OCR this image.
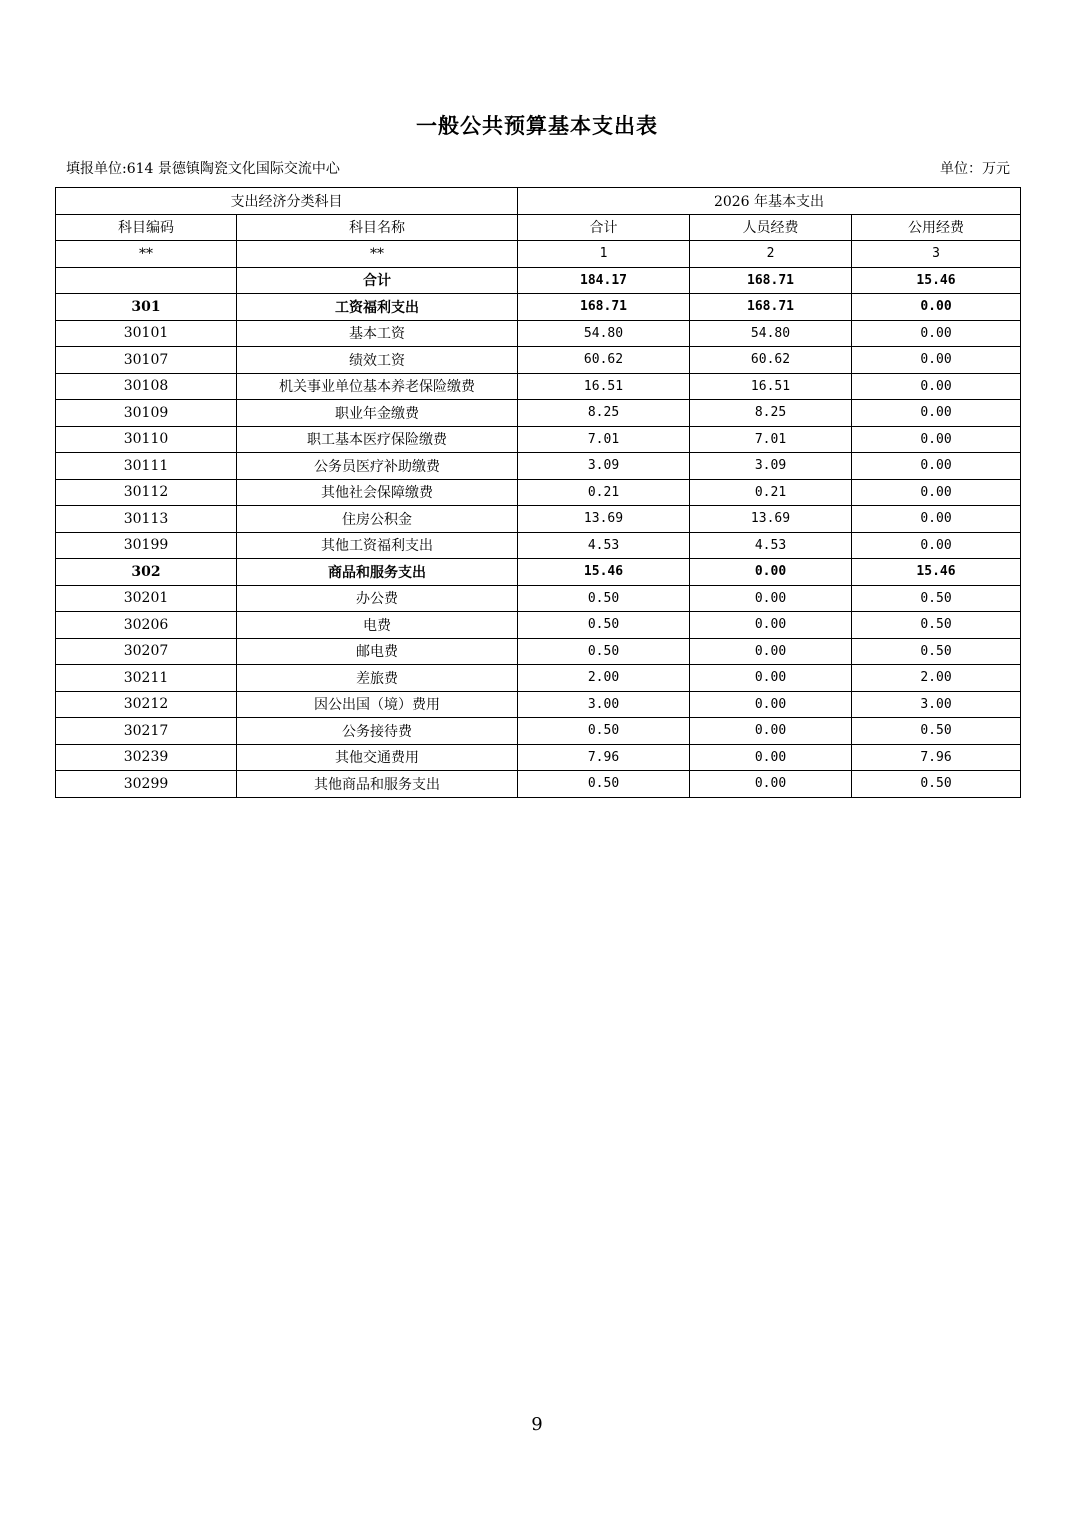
一般公共预算基本支出表
填报单位:614 景德镇陶瓷文化国际交流中心	单位：万元
支出经济分类科目		2026 年基本支出		
科目编码	科目名称	合计	人员经费	公用经费
**	**	1	2	3
	合计	184.17	168.71	15.46
301	工资福利支出	168.71	168.71	0.00
30101	基本工资	54.80	54.80	0.00
30107	绩效工资	60.62	60.62	0.00
30108	机关事业单位基本养老保险缴费	16.51	16.51	0.00
30109	职业年金缴费	8.25	8.25	0.00
30110	职工基本医疗保险缴费	7.01	7.01	0.00
30111	公务员医疗补助缴费	3.09	3.09	0.00
30112	其他社会保障缴费	0.21	0.21	0.00
30113	住房公积金	13.69	13.69	0.00
30199	其他工资福利支出	4.53	4.53	0.00
302	商品和服务支出	15.46	0.00	15.46
30201	办公费	0.50	0.00	0.50
30206	电费	0.50	0.00	0.50
30207	邮电费	0.50	0.00	0.50
30211	差旅费	2.00	0.00	2.00
30212	因公出国（境）费用	3.00	0.00	3.00
30217	公务接待费	0.50	0.00	0.50
30239	其他交通费用	7.96	0.00	7.96
30299	其他商品和服务支出	0.50	0.00	0.50
9
